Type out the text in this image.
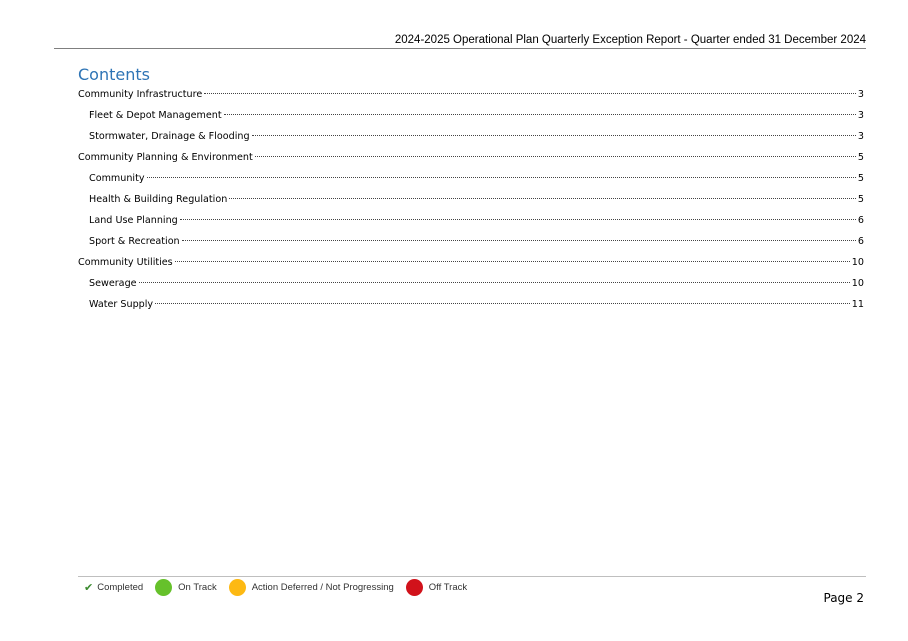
2024-2025 Operational Plan Quarterly Exception Report - Quarter ended 31 December 2024
Contents
Community Infrastructure	3
Fleet & Depot Management	3
Stormwater, Drainage & Flooding	3
Community Planning & Environment	5
Community	5
Health & Building Regulation	5
Land Use Planning	6
Sport & Recreation	6
Community Utilities	10
Sewerage	10
Water Supply	11
✔ Completed	On Track	Action Deferred / Not Progressing	Off Track
Page 2
